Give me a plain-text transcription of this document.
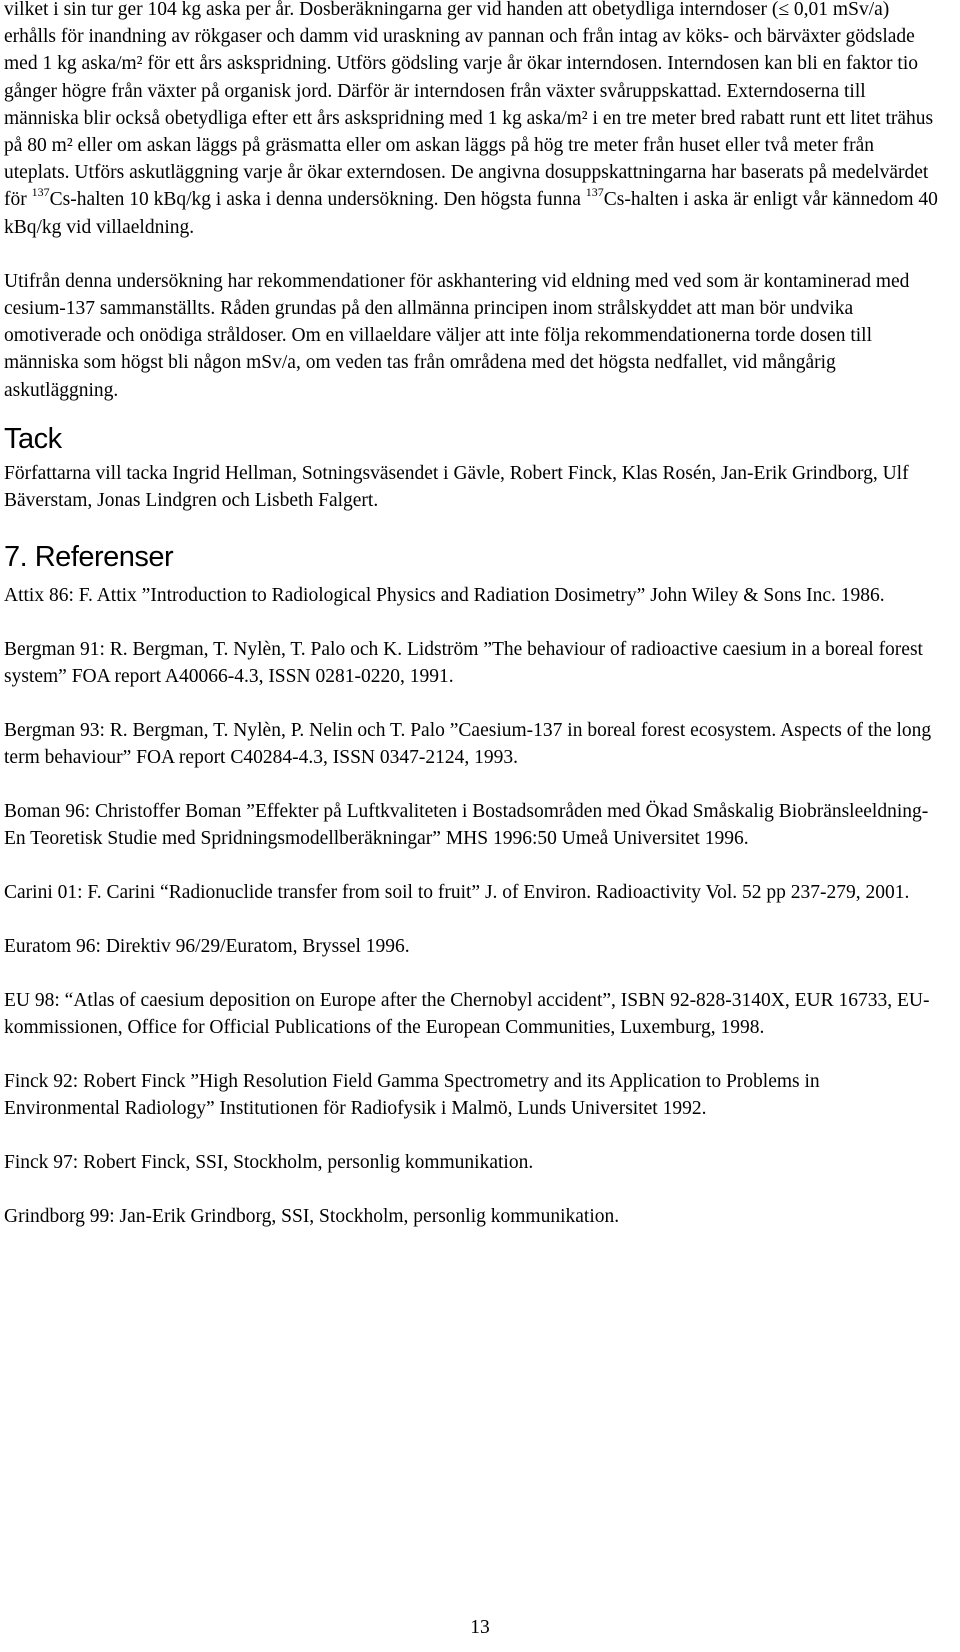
vilket i sin tur ger 104 kg aska per år. Dosberäkningarna ger vid handen att obetydliga interndoser (≤ 0,01 mSv/a) erhålls för inandning av rökgaser och damm vid uraskning av pannan och från intag av köks- och bärväxter gödslade med 1 kg aska/m² för ett års askspridning. Utförs gödsling varje år ökar interndosen. Interndosen kan bli en faktor tio gånger högre från växter på organisk jord. Därför är interndosen från växter svåruppskattad. Externdoserna till människa blir också obetydliga efter ett års askspridning med 1 kg aska/m² i en tre meter bred rabatt runt ett litet trähus på 80 m² eller om askan läggs på gräsmatta eller om askan läggs på hög tre meter från huset eller två meter från uteplats. Utförs askutläggning varje år ökar externdosen. De angivna dosuppskattningarna har baserats på medelvärdet för $^{137}$Cs-halten 10 kBq/kg i aska i denna undersökning. Den högsta funna $^{137}$Cs-halten i aska är enligt vår kännedom 40 kBq/kg vid villaeldning.

Utifrån denna undersökning har rekommendationer för askhantering vid eldning med ved som är kontaminerad med cesium-137 sammanställts. Råden grundas på den allmänna principen inom strålskyddet att man bör undvika omotiverade och onödiga stråldoser. Om en villaeldare väljer att inte följa rekommendationerna torde dosen till människa som högst bli någon mSv/a, om veden tas från områdena med det högsta nedfallet, vid mångårig askutläggning.

Tack

Författarna vill tacka Ingrid Hellman, Sotningsväsendet i Gävle, Robert Finck, Klas Rosén, Jan-Erik Grindborg, Ulf Bäverstam, Jonas Lindgren och Lisbeth Falgert.

7. Referenser

Attix 86: F. Attix ”Introduction to Radiological Physics and Radiation Dosimetry” John Wiley & Sons Inc. 1986.

Bergman 91: R. Bergman, T. Nylèn, T. Palo och K. Lidström ”The behaviour of radioactive caesium in a boreal forest system” FOA report A40066-4.3, ISSN 0281-0220, 1991.

Bergman 93: R. Bergman, T. Nylèn, P. Nelin och T. Palo ”Caesium-137 in boreal forest ecosystem. Aspects of the long term behaviour” FOA report C40284-4.3, ISSN 0347-2124, 1993.

Boman 96: Christoffer Boman ”Effekter på Luftkvaliteten i Bostadsområden med Ökad Småskalig Biobränsleeldning- En Teoretisk Studie med Spridningsmodellberäkningar” MHS 1996:50 Umeå Universitet 1996.

Carini 01: F. Carini “Radionuclide transfer from soil to fruit” J. of Environ. Radioactivity Vol. 52 pp 237-279, 2001.

Euratom 96: Direktiv 96/29/Euratom, Bryssel 1996.

EU 98: “Atlas of caesium deposition on Europe after the Chernobyl accident”, ISBN 92-828-3140X, EUR 16733, EU-kommissionen, Office for Official Publications of the European Communities, Luxemburg, 1998.

Finck 92: Robert Finck ”High Resolution Field Gamma Spectrometry and its Application to Problems in Environmental Radiology” Institutionen för Radiofysik i Malmö, Lunds Universitet 1992.

Finck 97: Robert Finck, SSI, Stockholm, personlig kommunikation.

Grindborg 99: Jan-Erik Grindborg, SSI, Stockholm, personlig kommunikation.

13
